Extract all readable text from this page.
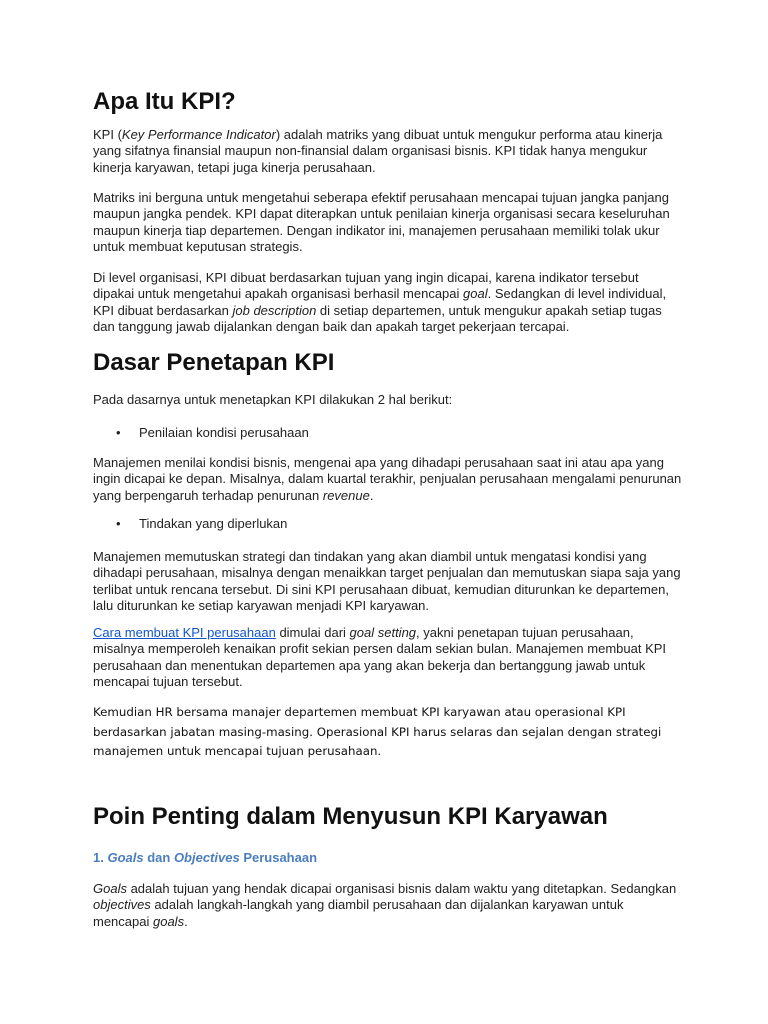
Apa Itu KPI?

KPI (Key Performance Indicator) adalah matriks yang dibuat untuk mengukur performa atau kinerja yang sifatnya finansial maupun non-finansial dalam organisasi bisnis. KPI tidak hanya mengukur kinerja karyawan, tetapi juga kinerja perusahaan.

Matriks ini berguna untuk mengetahui seberapa efektif perusahaan mencapai tujuan jangka panjang maupun jangka pendek. KPI dapat diterapkan untuk penilaian kinerja organisasi secara keseluruhan maupun kinerja tiap departemen. Dengan indikator ini, manajemen perusahaan memiliki tolak ukur untuk membuat keputusan strategis.

Di level organisasi, KPI dibuat berdasarkan tujuan yang ingin dicapai, karena indikator tersebut dipakai untuk mengetahui apakah organisasi berhasil mencapai goal. Sedangkan di level individual, KPI dibuat berdasarkan job description di setiap departemen, untuk mengukur apakah setiap tugas dan tanggung jawab dijalankan dengan baik dan apakah target pekerjaan tercapai.

Dasar Penetapan KPI

Pada dasarnya untuk menetapkan KPI dilakukan 2 hal berikut:

• Penilaian kondisi perusahaan

Manajemen menilai kondisi bisnis, mengenai apa yang dihadapi perusahaan saat ini atau apa yang ingin dicapai ke depan. Misalnya, dalam kuartal terakhir, penjualan perusahaan mengalami penurunan yang berpengaruh terhadap penurunan revenue.

• Tindakan yang diperlukan

Manajemen memutuskan strategi dan tindakan yang akan diambil untuk mengatasi kondisi yang dihadapi perusahaan, misalnya dengan menaikkan target penjualan dan memutuskan siapa saja yang terlibat untuk rencana tersebut. Di sini KPI perusahaan dibuat, kemudian diturunkan ke departemen, lalu diturunkan ke setiap karyawan menjadi KPI karyawan.

Cara membuat KPI perusahaan dimulai dari goal setting, yakni penetapan tujuan perusahaan, misalnya memperoleh kenaikan profit sekian persen dalam sekian bulan. Manajemen membuat KPI perusahaan dan menentukan departemen apa yang akan bekerja dan bertanggung jawab untuk mencapai tujuan tersebut.

Kemudian HR bersama manajer departemen membuat KPI karyawan atau operasional KPI
berdasarkan jabatan masing-masing. Operasional KPI harus selaras dan sejalan dengan strategi
manajemen untuk mencapai tujuan perusahaan.

Poin Penting dalam Menyusun KPI Karyawan
1. Goals dan Objectives Perusahaan

Goals adalah tujuan yang hendak dicapai organisasi bisnis dalam waktu yang ditetapkan. Sedangkan objectives adalah langkah-langkah yang diambil perusahaan dan dijalankan karyawan untuk mencapai goals.
